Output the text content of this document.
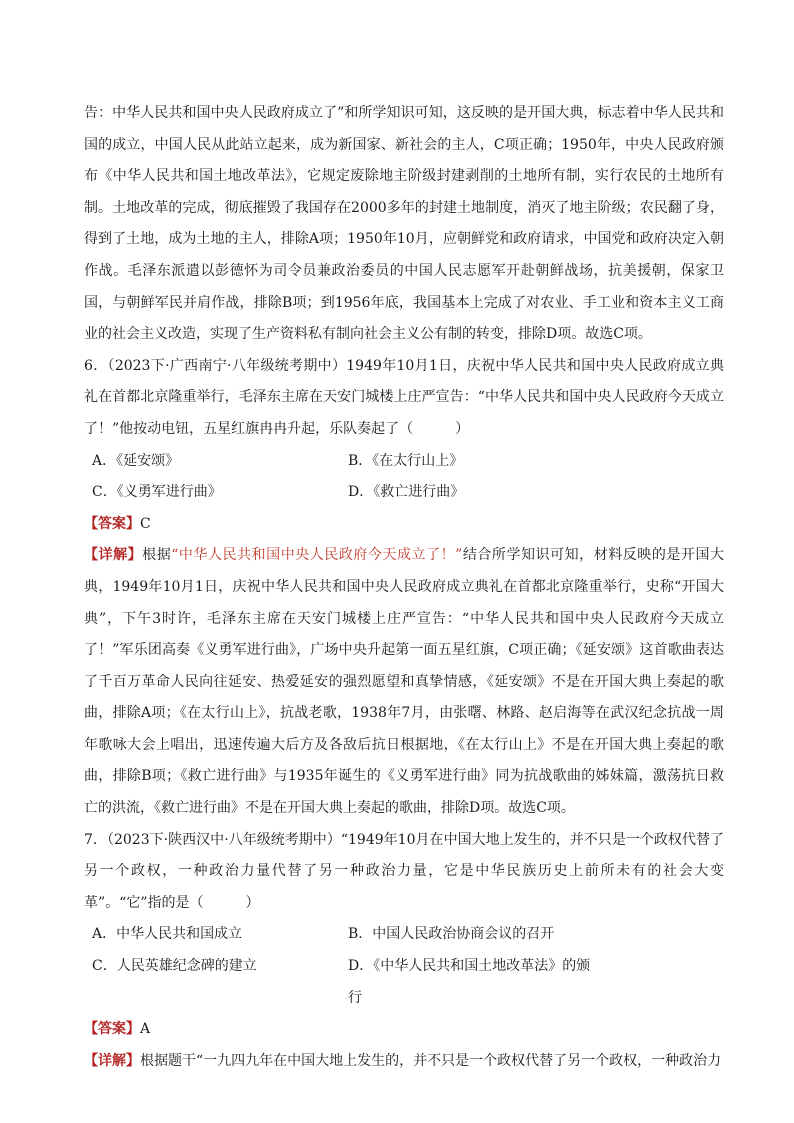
告：中华人民共和国中央人民政府成立了”和所学知识可知，这反映的是开国大典，标志着中华人民共和国的成立，中国人民从此站立起来，成为新国家、新社会的主人，C项正确；1950年，中央人民政府颁布《中华人民共和国土地改革法》，它规定废除地主阶级封建剥削的土地所有制，实行农民的土地所有制。土地改革的完成，彻底摧毁了我国存在2000多年的封建土地制度，消灭了地主阶级；农民翻了身，得到了土地，成为土地的主人，排除A项；1950年10月，应朝鲜党和政府请求，中国党和政府决定入朝作战。毛泽东派遣以彭德怀为司令员兼政治委员的中国人民志愿军开赴朝鲜战场，抗美援朝，保家卫国，与朝鲜军民并肩作战，排除B项；到1956年底，我国基本上完成了对农业、手工业和资本主义工商业的社会主义改造，实现了生产资料私有制向社会主义公有制的转变，排除D项。故选C项。

6．（2023下·广西南宁·八年级统考期中）1949年10月1日，庆祝中华人民共和国中央人民政府成立典礼在首都北京隆重举行，毛泽东主席在天安门城楼上庄严宣告：“中华人民共和国中央人民政府今天成立了！”他按动电钮，五星红旗冉冉升起，乐队奏起了（　　　）

A．《延安颂》	B．《在太行山上》
C．《义勇军进行曲》	D．《救亡进行曲》
【答案】C

【详解】根据“中华人民共和国中央人民政府今天成立了！”结合所学知识可知，材料反映的是开国大典，1949年10月1日，庆祝中华人民共和国中央人民政府成立典礼在首都北京隆重举行，史称“开国大典”，下午3时许，毛泽东主席在天安门城楼上庄严宣告：“中华人民共和国中央人民政府今天成立了！”军乐团高奏《义勇军进行曲》，广场中央升起第一面五星红旗，C项正确；《延安颂》这首歌曲表达了千百万革命人民向往延安、热爱延安的强烈愿望和真挚情感，《延安颂》不是在开国大典上奏起的歌曲，排除A项；《在太行山上》，抗战老歌，1938年7月，由张曙、林路、赵启海等在武汉纪念抗战一周年歌咏大会上唱出，迅速传遍大后方及各敌后抗日根据地，《在太行山上》不是在开国大典上奏起的歌曲，排除B项；《救亡进行曲》与1935年诞生的《义勇军进行曲》同为抗战歌曲的姊妹篇，激荡抗日救亡的洪流，《救亡进行曲》不是在开国大典上奏起的歌曲，排除D项。故选C项。

7．（2023下·陕西汉中·八年级统考期中）“1949年10月在中国大地上发生的，并不只是一个政权代替了另一个政权，一种政治力量代替了另一种政治力量，它是中华民族历史上前所未有的社会大变革”。“它”指的是（　　　）

A．中华人民共和国成立	B．中国人民政治协商会议的召开
C．人民英雄纪念碑的建立	D．《中华人民共和国土地改革法》的颁行
【答案】A

【详解】根据题干“一九四九年在中国大地上发生的，并不只是一个政权代替了另一个政权，一种政治力
